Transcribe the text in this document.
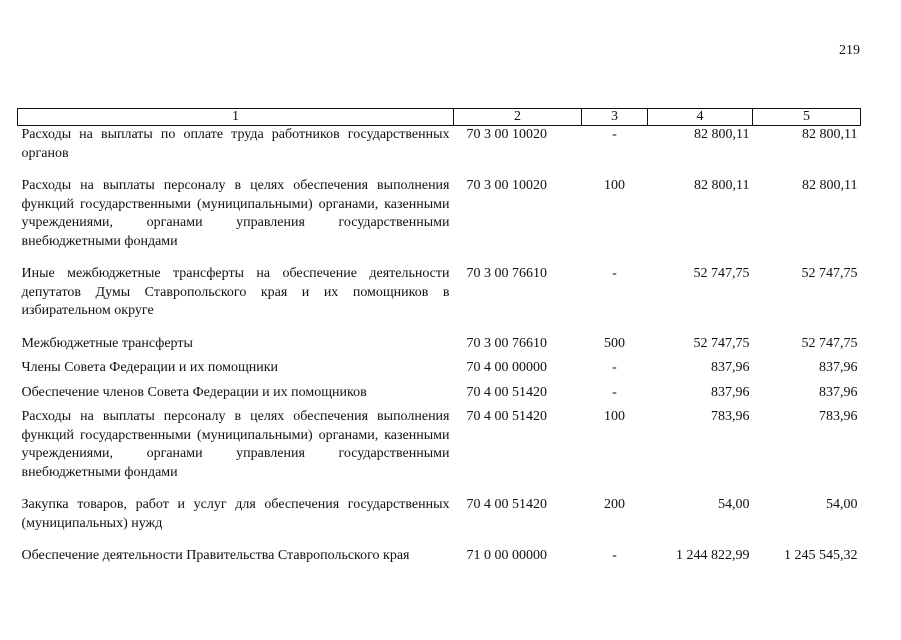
219
1	2	3	4	5
Расходы на выплаты по оплате труда работников государственных органов	70 3 00 10020	-	82 800,11	82 800,11
Расходы на выплаты персоналу в целях обеспечения выполнения функций государственными (муниципальными) органами, казенными учреждениями, органами управления государственными внебюджетными фондами	70 3 00 10020	100	82 800,11	82 800,11
Иные межбюджетные трансферты на обеспечение деятельности депутатов Думы Ставропольского края и их помощников в избирательном округе	70 3 00 76610	-	52 747,75	52 747,75
Межбюджетные трансферты	70 3 00 76610	500	52 747,75	52 747,75
Члены Совета Федерации и их помощники	70 4 00 00000	-	837,96	837,96
Обеспечение членов Совета Федерации и их помощников	70 4 00 51420	-	837,96	837,96
Расходы на выплаты персоналу в целях обеспечения выполнения функций государственными (муниципальными) органами, казенными учреждениями, органами управления государственными внебюджетными фондами	70 4 00 51420	100	783,96	783,96
Закупка товаров, работ и услуг для обеспечения государственных (муниципальных) нужд	70 4 00 51420	200	54,00	54,00
Обеспечение деятельности Правительства Ставропольского края	71 0 00 00000	-	1 244 822,99	1 245 545,32
